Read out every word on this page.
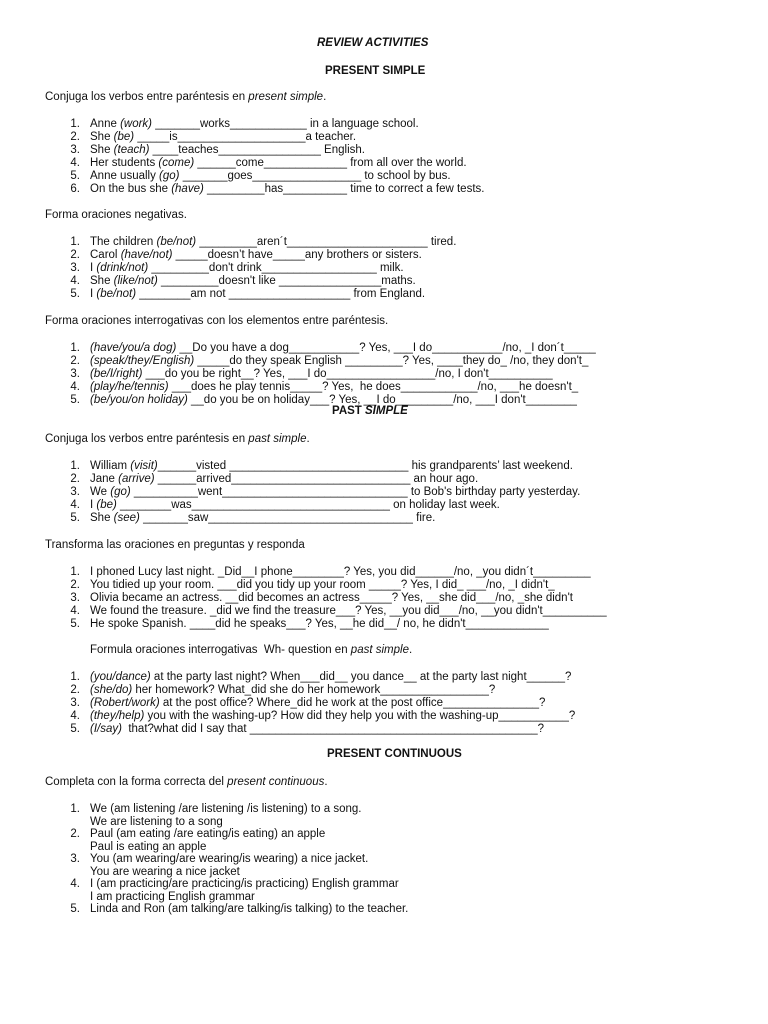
REVIEW ACTIVITIES
PRESENT SIMPLE
Conjuga los verbos entre paréntesis en present simple.
1. Anne (work) _______works____________ in a language school.
2. She (be) _____is____________________a teacher.
3. She (teach) ____teaches________________ English.
4. Her students (come) ______come_____________ from all over the world.
5. Anne usually (go) _______goes_________________ to school by bus.
6. On the bus she (have) _________has__________ time to correct a few tests.
Forma oraciones negativas.
1. The children (be/not) _________aren´t______________________ tired.
2. Carol (have/not) _____doesn’t have_____any brothers or sisters.
3. I (drink/not) _________don't drink__________________ milk.
4. She (like/not) _________doesn't like ________________maths.
5. I (be/not) ________am not ___________________ from England.
Forma oraciones interrogativas con los elementos entre paréntesis.
1. (have/you/a dog) __Do you have a dog___________? Yes, ___I do___________/no, _I don´t_____
2. (speak/they/English) _____do they speak English _________? Yes, ____they do_ /no, they don't_
3. (be/I/right) ___do you be right__? Yes, ___I do_________________/no, I don't__________
4. (play/he/tennis) ___does he play tennis_____? Yes,  he does____________/no, ___he doesn't_
5. (be/you/on holiday) __do you be on holiday___? Yes, __I do_________/no, ___I don't________
PAST SIMPLE
Conjuga los verbos entre paréntesis en past simple.
1. William (visit)______visted ____________________________ his grandparents’ last weekend.
2. Jane (arrive) ______arrived____________________________ an hour ago.
3. We (go) __________went_____________________________ to Bob's birthday party yesterday.
4. I (be) ________was_______________________________ on holiday last week.
5. She (see) _______saw________________________________ fire.
Transforma las oraciones en preguntas y responda
1. I phoned Lucy last night. _Did__I phone________? Yes, you did______/no, _you didn´t_________
2. You tidied up your room. ___did you tidy up your room _____? Yes, I did_ ___/no, _I didn't_
3. Olivia became an actress. __did becomes an actress_____? Yes, __she did___/no, _she didn't
4. We found the treasure. _did we find the treasure___? Yes, __you did___/no, __you didn't__________
5. He spoke Spanish. ____did he speaks___? Yes, __he did__/ no, he didn't_____________
Formula oraciones interrogativas  Wh- question en past simple.
1. (you/dance) at the party last night? When___did__ you dance__ at the party last night______?
2. (she/do) her homework? What_did she do her homework_________________?
3. (Robert/work) at the post office? Where_did he work at the post office_______________?
4. (they/help) you with the washing-up? How did they help you with the washing-up___________?
5. (I/say)  that?what did I say that _____________________________________________?
PRESENT CONTINUOUS
Completa con la forma correcta del present continuous.
1. We (am listening /are listening /is listening) to a song.
We are listening to a song
2. Paul (am eating /are eating/is eating) an apple
Paul is eating an apple
3. You (am wearing/are wearing/is wearing) a nice jacket.
You are wearing a nice jacket
4. I (am practicing/are practicing/is practicing) English grammar
I am practicing English grammar
5. Linda and Ron (am talking/are talking/is talking) to the teacher.
